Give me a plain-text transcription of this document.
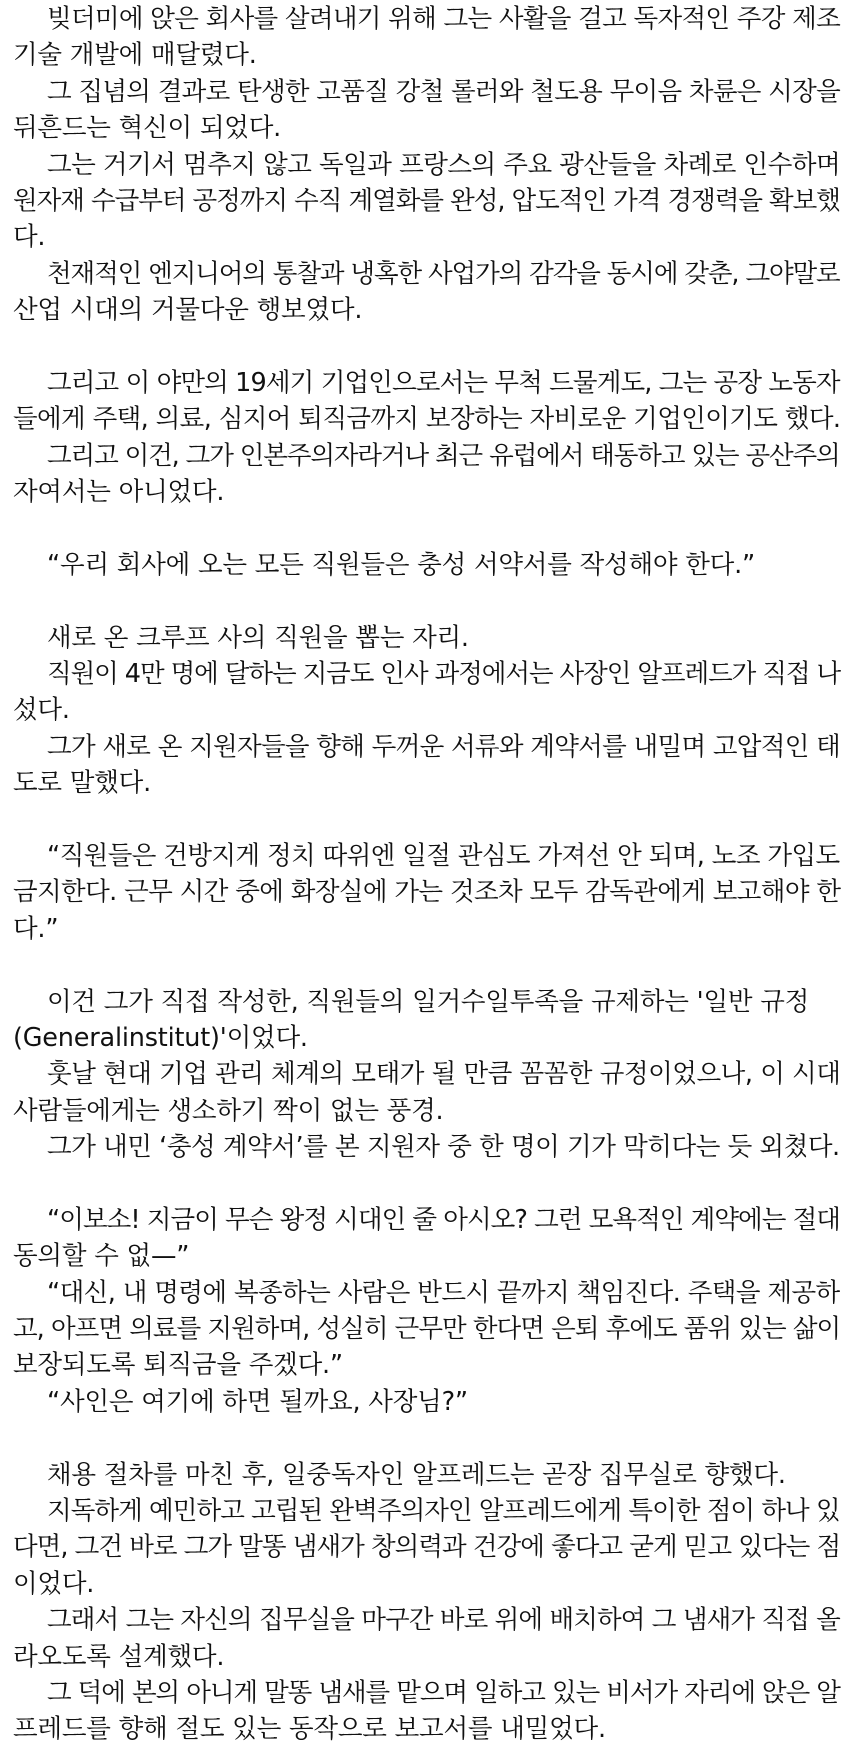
빚더미에 앉은 회사를 살려내기 위해 그는 사활을 걸고 독자적인 주강 제조
기술 개발에 매달렸다.
그 집념의 결과로 탄생한 고품질 강철 롤러와 철도용 무이음 차륜은 시장을
뒤흔드는 혁신이 되었다.
그는 거기서 멈추지 않고 독일과 프랑스의 주요 광산들을 차례로 인수하며
원자재 수급부터 공정까지 수직 계열화를 완성, 압도적인 가격 경쟁력을 확보했
다.
천재적인 엔지니어의 통찰과 냉혹한 사업가의 감각을 동시에 갖춘, 그야말로
산업 시대의 거물다운 행보였다.
그리고 이 야만의 19세기 기업인으로서는 무척 드물게도, 그는 공장 노동자
들에게 주택, 의료, 심지어 퇴직금까지 보장하는 자비로운 기업인이기도 했다.
그리고 이건, 그가 인본주의자라거나 최근 유럽에서 태동하고 있는 공산주의
자여서는 아니었다.
“우리 회사에 오는 모든 직원들은 충성 서약서를 작성해야 한다.”
새로 온 크루프 사의 직원을 뽑는 자리.
직원이 4만 명에 달하는 지금도 인사 과정에서는 사장인 알프레드가 직접 나
섰다.
그가 새로 온 지원자들을 향해 두꺼운 서류와 계약서를 내밀며 고압적인 태
도로 말했다.
“직원들은 건방지게 정치 따위엔 일절 관심도 가져선 안 되며, 노조 가입도
금지한다. 근무 시간 중에 화장실에 가는 것조차 모두 감독관에게 보고해야 한
다.”
이건 그가 직접 작성한, 직원들의 일거수일투족을 규제하는 '일반 규정
(Generalinstitut)'이었다.
훗날 현대 기업 관리 체계의 모태가 될 만큼 꼼꼼한 규정이었으나, 이 시대
사람들에게는 생소하기 짝이 없는 풍경.
그가 내민 ‘충성 계약서’를 본 지원자 중 한 명이 기가 막히다는 듯 외쳤다.
“이보소! 지금이 무슨 왕정 시대인 줄 아시오? 그런 모욕적인 계약에는 절대
동의할 수 없—”
“대신, 내 명령에 복종하는 사람은 반드시 끝까지 책임진다. 주택을 제공하
고, 아프면 의료를 지원하며, 성실히 근무만 한다면 은퇴 후에도 품위 있는 삶이
보장되도록 퇴직금을 주겠다.”
“사인은 여기에 하면 될까요, 사장님?”
채용 절차를 마친 후, 일중독자인 알프레드는 곧장 집무실로 향했다.
지독하게 예민하고 고립된 완벽주의자인 알프레드에게 특이한 점이 하나 있
다면, 그건 바로 그가 말똥 냄새가 창의력과 건강에 좋다고 굳게 믿고 있다는 점
이었다.
그래서 그는 자신의 집무실을 마구간 바로 위에 배치하여 그 냄새가 직접 올
라오도록 설계했다.
그 덕에 본의 아니게 말똥 냄새를 맡으며 일하고 있는 비서가 자리에 앉은 알
프레드를 향해 절도 있는 동작으로 보고서를 내밀었다.
